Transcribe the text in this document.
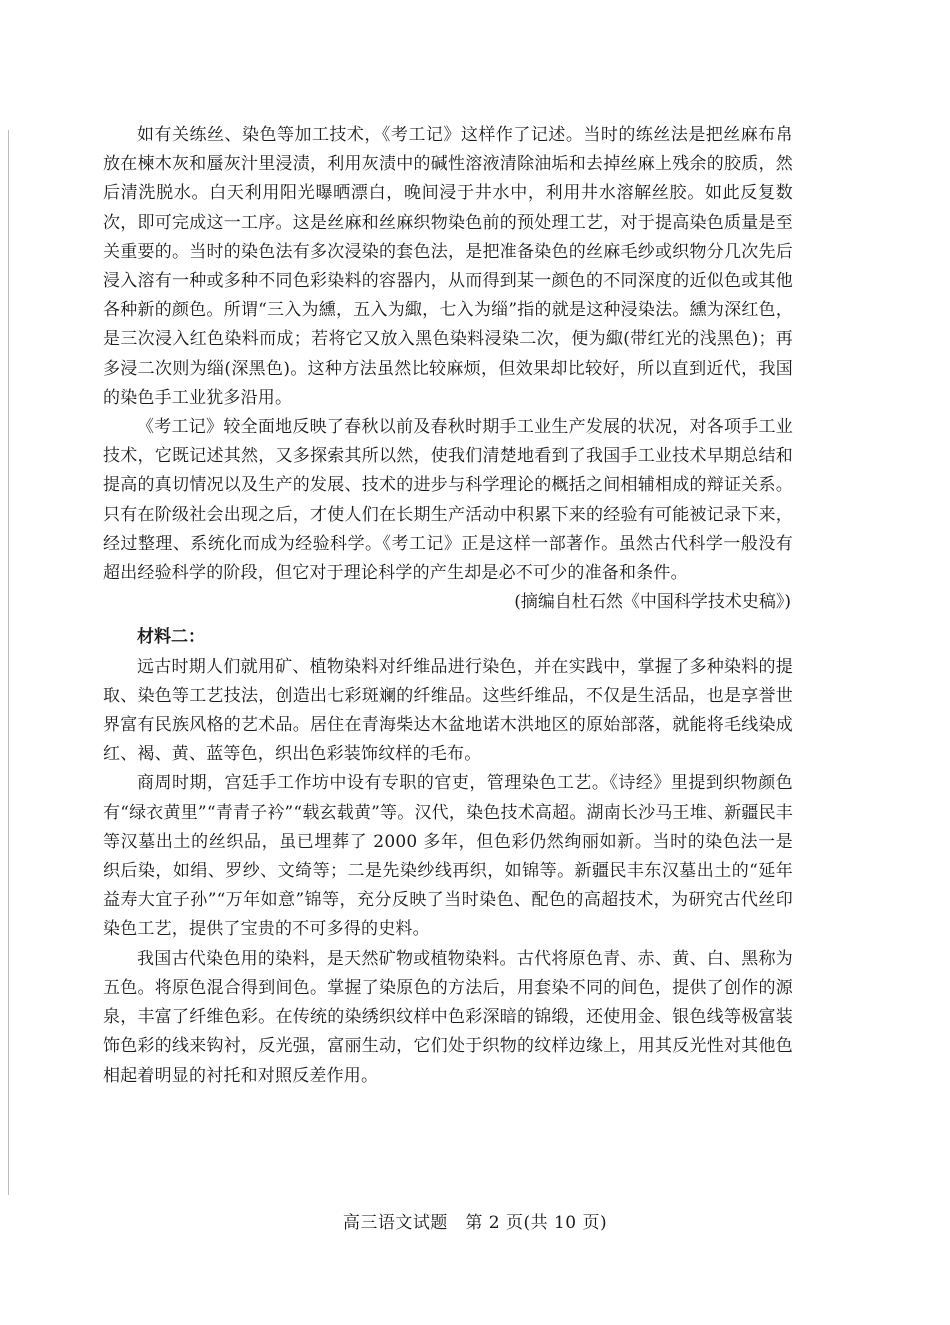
如有关练丝、染色等加工技术，《考工记》这样作了记述。当时的练丝法是把丝麻布帛放在楝木灰和蜃灰汁里浸渍，利用灰渍中的碱性溶液清除油垢和去掉丝麻上残余的胶质，然后清洗脱水。白天利用阳光曝晒漂白，晚间浸于井水中，利用井水溶解丝胶。如此反复数次，即可完成这一工序。这是丝麻和丝麻织物染色前的预处理工艺，对于提高染色质量是至关重要的。当时的染色法有多次浸染的套色法，是把准备染色的丝麻毛纱或织物分几次先后浸入溶有一种或多种不同色彩染料的容器内，从而得到某一颜色的不同深度的近似色或其他各种新的颜色。所谓“三入为纁，五入为緅，七入为缁”指的就是这种浸染法。纁为深红色，是三次浸入红色染料而成；若将它又放入黑色染料浸染二次，便为緅(带红光的浅黑色)；再多浸二次则为缁(深黑色)。这种方法虽然比较麻烦，但效果却比较好，所以直到近代，我国的染色手工业犹多沿用。

《考工记》较全面地反映了春秋以前及春秋时期手工业生产发展的状况，对各项手工业技术，它既记述其然，又多探索其所以然，使我们清楚地看到了我国手工业技术早期总结和提高的真切情况以及生产的发展、技术的进步与科学理论的概括之间相辅相成的辩证关系。只有在阶级社会出现之后，才使人们在长期生产活动中积累下来的经验有可能被记录下来，经过整理、系统化而成为经验科学。《考工记》正是这样一部著作。虽然古代科学一般没有超出经验科学的阶段，但它对于理论科学的产生却是必不可少的准备和条件。

(摘编自杜石然《中国科学技术史稿》)

材料二：

远古时期人们就用矿、植物染料对纤维品进行染色，并在实践中，掌握了多种染料的提取、染色等工艺技法，创造出七彩斑斓的纤维品。这些纤维品，不仅是生活品，也是享誉世界富有民族风格的艺术品。居住在青海柴达木盆地诺木洪地区的原始部落，就能将毛线染成红、褐、黄、蓝等色，织出色彩装饰纹样的毛布。

商周时期，宫廷手工作坊中设有专职的官吏，管理染色工艺。《诗经》里提到织物颜色有“绿衣黄里”“青青子衿”“载玄载黄”等。汉代，染色技术高超。湖南长沙马王堆、新疆民丰等汉墓出土的丝织品，虽已埋葬了 2000 多年，但色彩仍然绚丽如新。当时的染色法一是织后染，如绢、罗纱、文绮等；二是先染纱线再织，如锦等。新疆民丰东汉墓出土的“延年益寿大宜子孙”“万年如意”锦等，充分反映了当时染色、配色的高超技术，为研究古代丝印染色工艺，提供了宝贵的不可多得的史料。

我国古代染色用的染料，是天然矿物或植物染料。古代将原色青、赤、黄、白、黑称为五色。将原色混合得到间色。掌握了染原色的方法后，用套染不同的间色，提供了创作的源泉，丰富了纤维色彩。在传统的染绣织纹样中色彩深暗的锦缎，还使用金、银色线等极富装饰色彩的线来钩衬，反光强，富丽生动，它们处于织物的纹样边缘上，用其反光性对其他色相起着明显的衬托和对照反差作用。

高三语文试题　第 2 页(共 10 页)
